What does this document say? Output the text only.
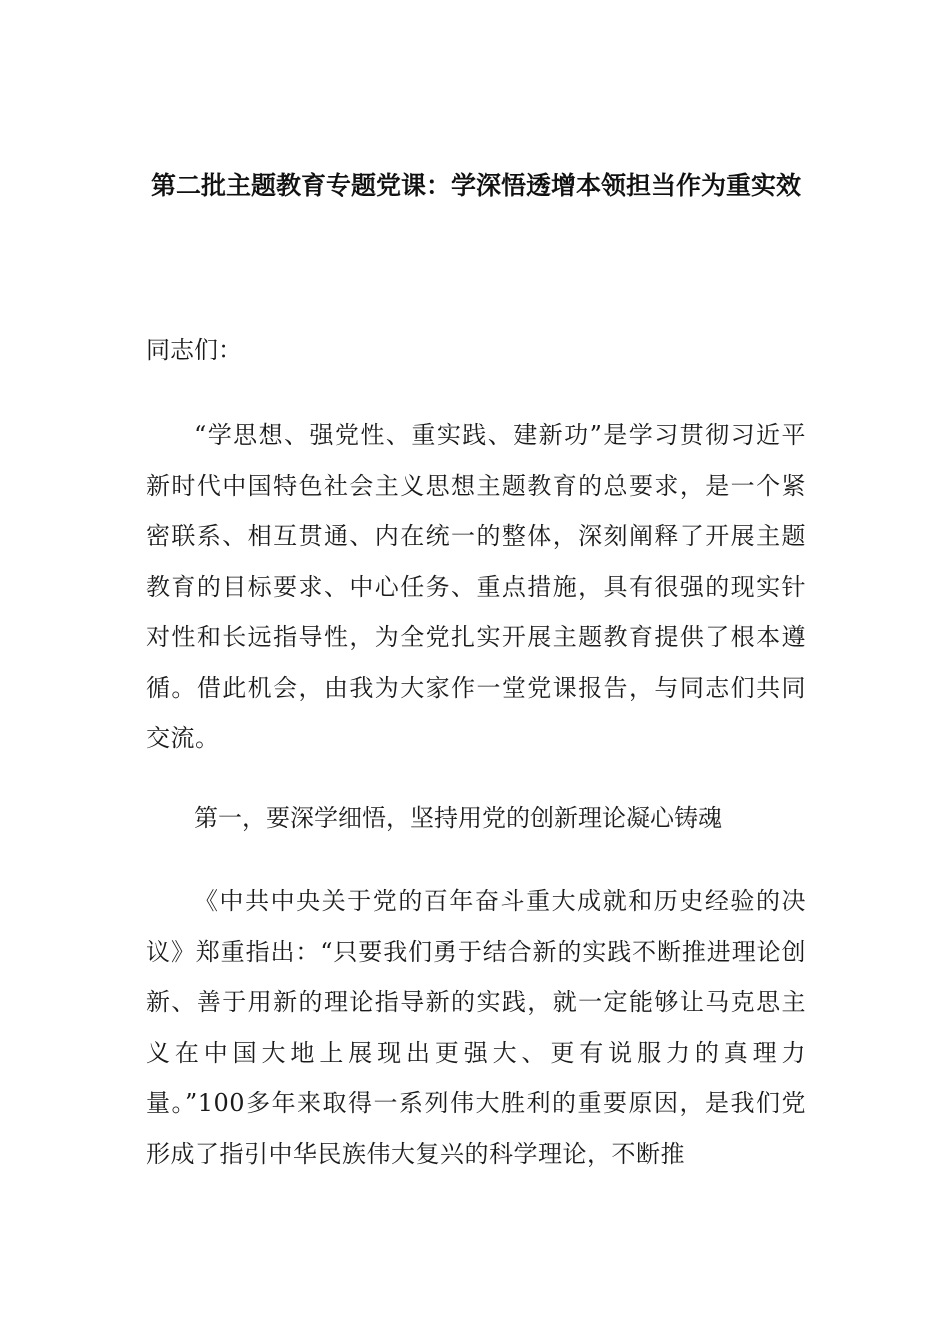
第二批主题教育专题党课：学深悟透增本领担当作为重实效

同志们：

“学思想、强党性、重实践、建新功”是学习贯彻习近平新时代中国特色社会主义思想主题教育的总要求，是一个紧密联系、相互贯通、内在统一的整体，深刻阐释了开展主题教育的目标要求、中心任务、重点措施，具有很强的现实针对性和长远指导性，为全党扎实开展主题教育提供了根本遵循。借此机会，由我为大家作一堂党课报告，与同志们共同交流。

第一，要深学细悟，坚持用党的创新理论凝心铸魂

《中共中央关于党的百年奋斗重大成就和历史经验的决议》郑重指出：“只要我们勇于结合新的实践不断推进理论创新、善于用新的理论指导新的实践，就一定能够让马克思主义在中国大地上展现出更强大、更有说服力的真理力量。”100多年来取得一系列伟大胜利的重要原因，是我们党形成了指引中华民族伟大复兴的科学理论，不断推
